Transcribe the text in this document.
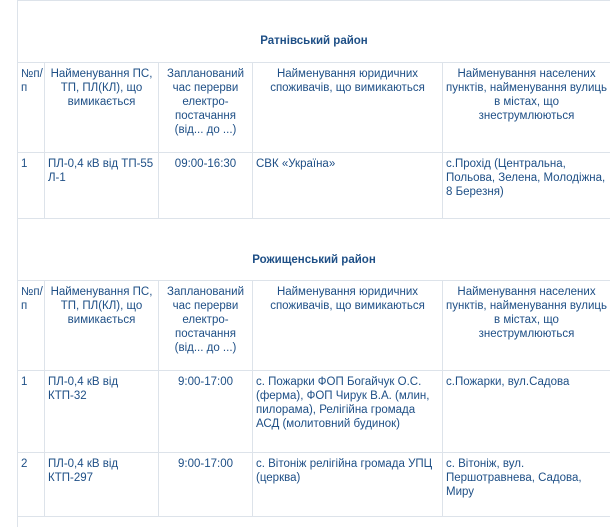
Ратнівський район				
№п/п	Найменування ПС, ТП, ПЛ(КЛ), що вимикається	Запланований час перерви електро-постачання (від... до ...)	Найменування юридичних споживачів, що вимикаються	Найменування населених пунктів, найменування вулиць в містах, що знеструмлюються
1	ПЛ-0,4 кВ від ТП-55 Л-1	09:00-16:30	СВК «Україна»	с.Прохід (Центральна, Польова, Зелена, Молодіжна, 8 Березня)
Рожищенський район				
№п/п	Найменування ПС, ТП, ПЛ(КЛ), що вимикається	Запланований час перерви електро-постачання (від... до ...)	Найменування юридичних споживачів, що вимикаються	Найменування населених пунктів, найменування вулиць в містах, що знеструмлюються
1	ПЛ-0,4 кВ від КТП-32	9:00-17:00	с. Пожарки ФОП Богайчук О.С. (ферма), ФОП Чирук В.А. (млин, пилорама), Релігійна громада АСД (молитовний будинок)	с.Пожарки, вул.Садова
2	ПЛ-0,4 кВ від КТП-297	9:00-17:00	с. Вітоніж релігійна громада УПЦ (церква)	с. Вітоніж, вул. Першотравнева, Садова, Миру
